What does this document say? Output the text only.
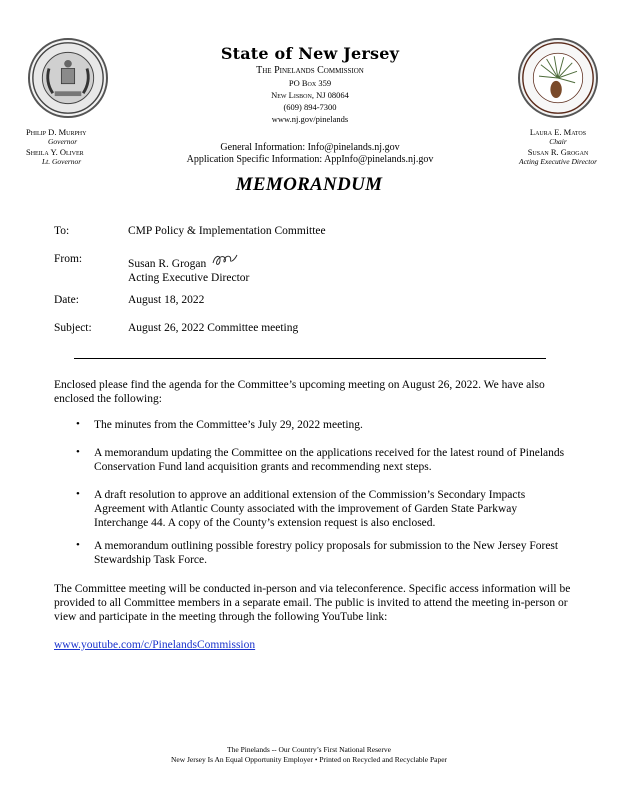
State of New Jersey
The Pinelands Commission
PO Box 359
New Lisbon, NJ 08064
(609) 894-7300
www.nj.gov/pinelands
Philip D. Murphy
Governor
Sheila Y. Oliver
Lt. Governor
Laura E. Matos
Chair
Susan R. Grogan
Acting Executive Director
General Information: Info@pinelands.nj.gov
Application Specific Information: AppInfo@pinelands.nj.gov
MEMORANDUM
To:	CMP Policy & Implementation Committee
From:	Susan R. Grogan
Acting Executive Director
Date:	August 18, 2022
Subject:	August 26, 2022 Committee meeting
Enclosed please find the agenda for the Committee’s upcoming meeting on August 26, 2022. We have also enclosed the following:
• The minutes from the Committee’s July 29, 2022 meeting.
• A memorandum updating the Committee on the applications received for the latest round of Pinelands Conservation Fund land acquisition grants and recommending next steps.
• A draft resolution to approve an additional extension of the Commission’s Secondary Impacts Agreement with Atlantic County associated with the improvement of Garden State Parkway Interchange 44. A copy of the County’s extension request is also enclosed.
• A memorandum outlining possible forestry policy proposals for submission to the New Jersey Forest Stewardship Task Force.
The Committee meeting will be conducted in-person and via teleconference. Specific access information will be provided to all Committee members in a separate email. The public is invited to attend the meeting in-person or view and participate in the meeting through the following YouTube link:
www.youtube.com/c/PinelandsCommission
The Pinelands -- Our Country’s First National Reserve
New Jersey Is An Equal Opportunity Employer • Printed on Recycled and Recyclable Paper
